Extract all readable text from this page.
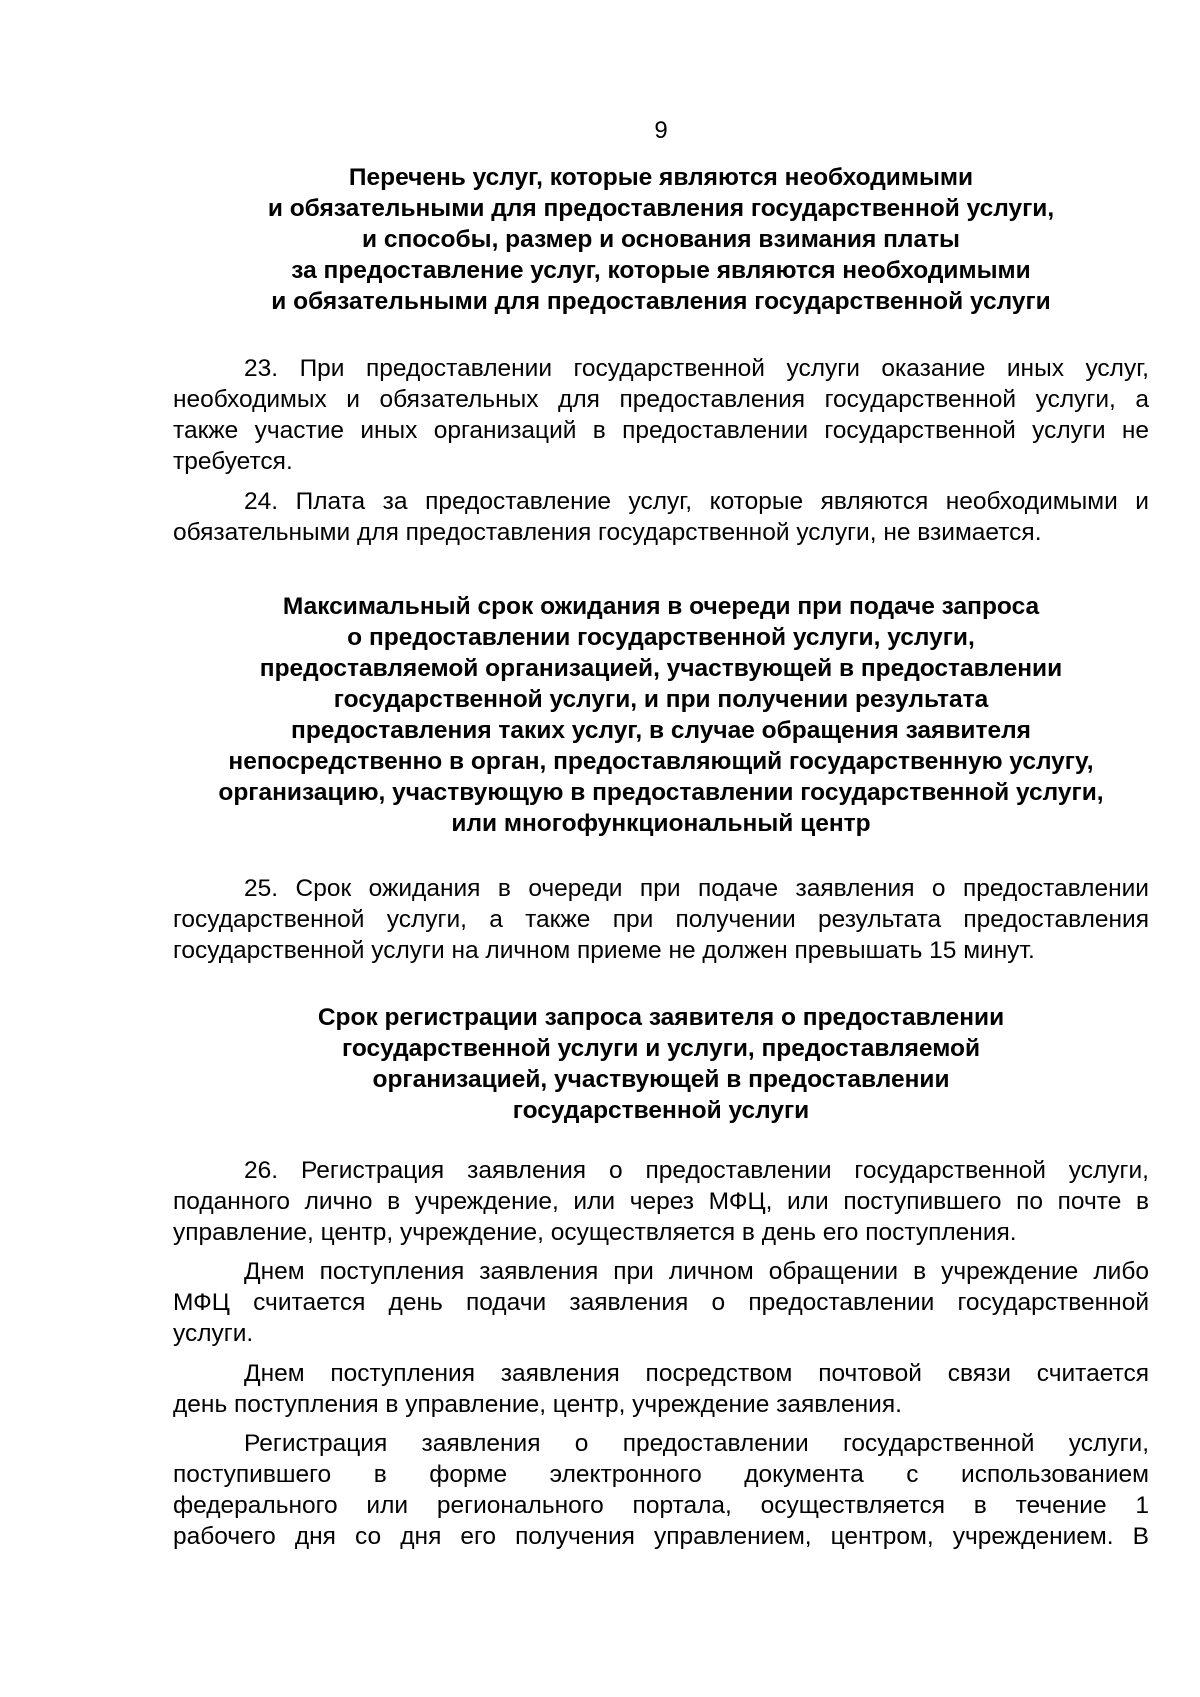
9
Перечень услуг, которые являются необходимыми
и обязательными для предоставления государственной услуги,
и способы, размер и основания взимания платы
за предоставление услуг, которые являются необходимыми
и обязательными для предоставления государственной услуги
23. При предоставлении государственной услуги оказание иных услуг,
необходимых и обязательных для предоставления государственной услуги, а
также участие иных организаций в предоставлении государственной услуги не
требуется.
24. Плата за предоставление услуг, которые являются необходимыми и
обязательными для предоставления государственной услуги, не взимается.
Максимальный срок ожидания в очереди при подаче запроса
о предоставлении государственной услуги, услуги,
предоставляемой организацией, участвующей в предоставлении
государственной услуги, и при получении результата
предоставления таких услуг, в случае обращения заявителя
непосредственно в орган, предоставляющий государственную услугу,
организацию, участвующую в предоставлении государственной услуги,
или многофункциональный центр
25. Срок ожидания в очереди при подаче заявления о предоставлении
государственной услуги, а также при получении результата предоставления
государственной услуги на личном приеме не должен превышать 15 минут.
Срок регистрации запроса заявителя о предоставлении
государственной услуги и услуги, предоставляемой
организацией, участвующей в предоставлении
государственной услуги
26. Регистрация заявления о предоставлении государственной услуги,
поданного лично в учреждение, или через МФЦ, или поступившего по почте в
управление, центр, учреждение, осуществляется в день его поступления.
Днем поступления заявления при личном обращении в учреждение либо
МФЦ считается день подачи заявления о предоставлении государственной
услуги.
Днем поступления заявления посредством почтовой связи считается
день поступления в управление, центр, учреждение заявления.
Регистрация заявления о предоставлении государственной услуги,
поступившего в форме электронного документа с использованием
федерального или регионального портала, осуществляется в течение 1
рабочего дня со дня его получения управлением, центром, учреждением. В
